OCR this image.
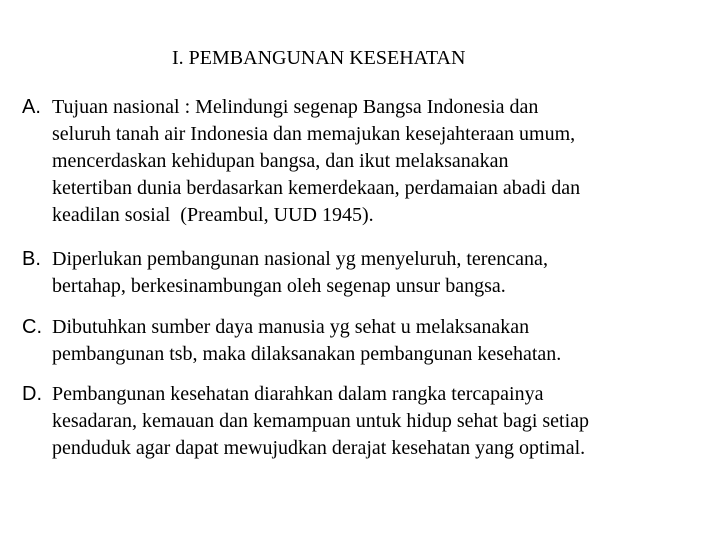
I. PEMBANGUNAN KESEHATAN
A. Tujuan nasional : Melindungi segenap Bangsa Indonesia dan
seluruh tanah air Indonesia dan memajukan kesejahteraan umum,
mencerdaskan kehidupan bangsa, dan ikut melaksanakan
ketertiban dunia berdasarkan kemerdekaan, perdamaian abadi dan
keadilan sosial  (Preambul, UUD 1945).
B. Diperlukan pembangunan nasional yg menyeluruh, terencana,
bertahap, berkesinambungan oleh segenap unsur bangsa.
C. Dibutuhkan sumber daya manusia yg sehat u melaksanakan
pembangunan tsb, maka dilaksanakan pembangunan kesehatan.
D. Pembangunan kesehatan diarahkan dalam rangka tercapainya
kesadaran, kemauan dan kemampuan untuk hidup sehat bagi setiap
penduduk agar dapat mewujudkan derajat kesehatan yang optimal.
